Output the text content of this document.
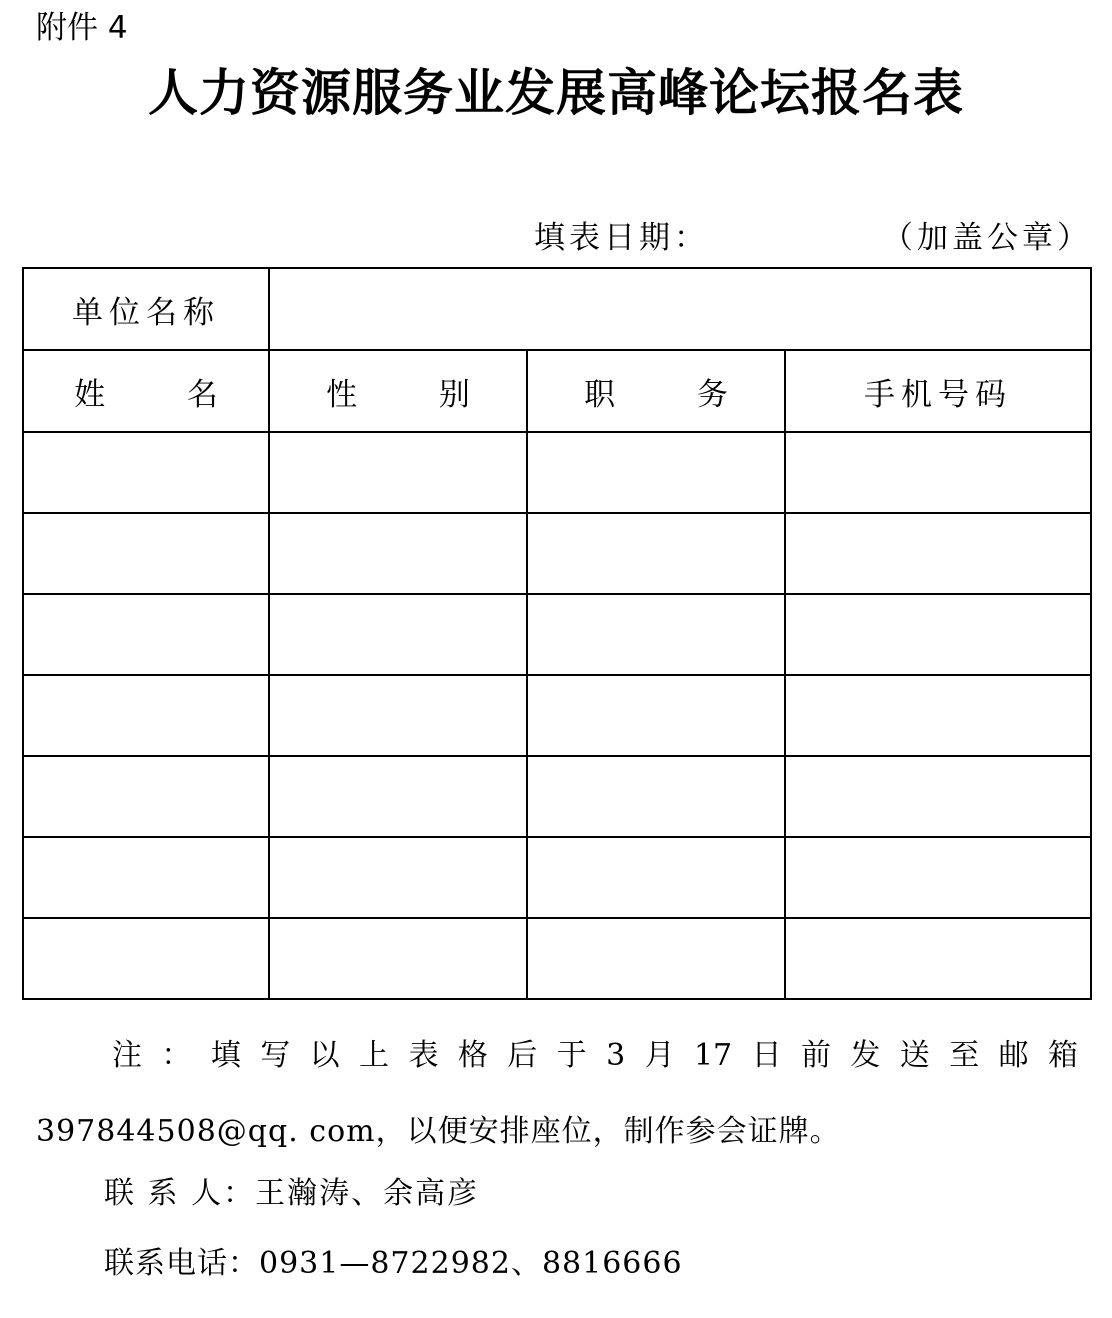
附件 4
人力资源服务业发展高峰论坛报名表
填表日期：	（加盖公章）
单位名称			
姓 名	性 别	职 务	手机号码

注 ： 填 写 以 上 表 格 后 于 3 月 17 日 前 发 送 至 邮 箱
397844508@qq. com，以便安排座位，制作参会证牌。
联 系 人：王瀚涛、余高彦
联系电话：0931—8722982、8816666
